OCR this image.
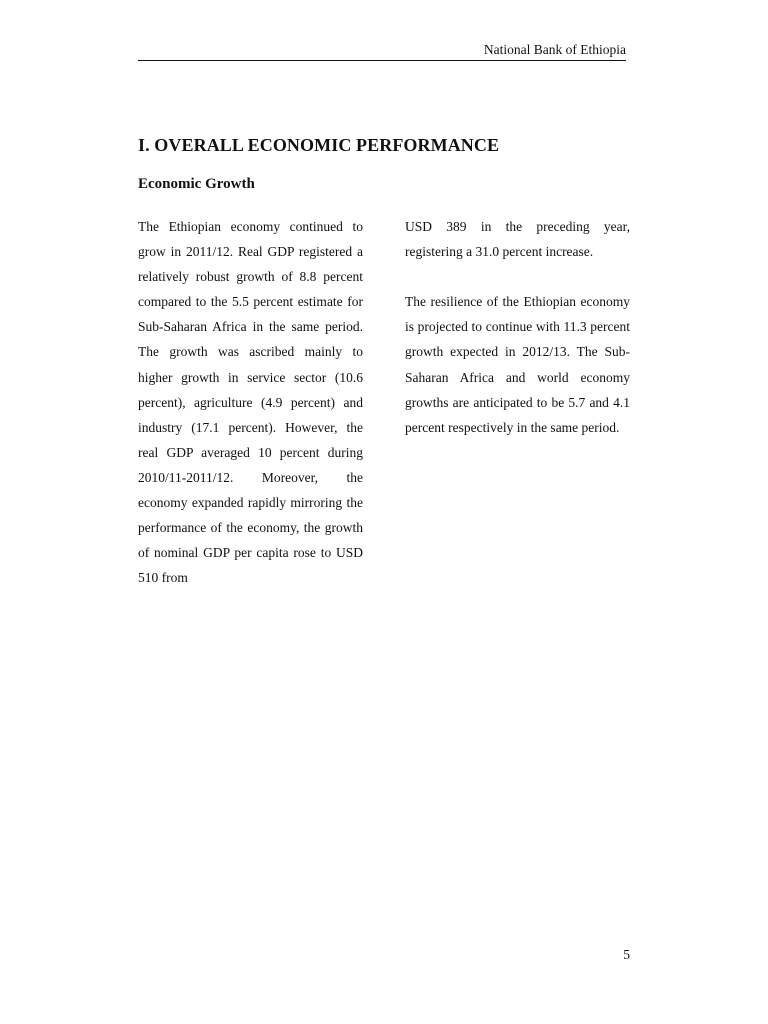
National Bank of Ethiopia
I. OVERALL ECONOMIC PERFORMANCE
Economic Growth

The Ethiopian economy continued to grow in 2011/12. Real GDP registered a relatively robust growth of 8.8 percent compared to the 5.5 percent estimate for Sub-Saharan Africa in the same period. The growth was ascribed mainly to higher growth in service sector (10.6 percent), agriculture (4.9 percent) and industry (17.1 percent). However, the real GDP averaged 10 percent during 2010/11-2011/12. Moreover, the economy expanded rapidly mirroring the performance of the economy, the growth of nominal GDP per capita rose to USD 510 from

USD 389 in the preceding year, registering a 31.0 percent increase.

The resilience of the Ethiopian economy is projected to continue with 11.3 percent growth expected in 2012/13. The Sub-Saharan Africa and world economy growths are anticipated to be 5.7 and 4.1 percent respectively in the same period.

5
